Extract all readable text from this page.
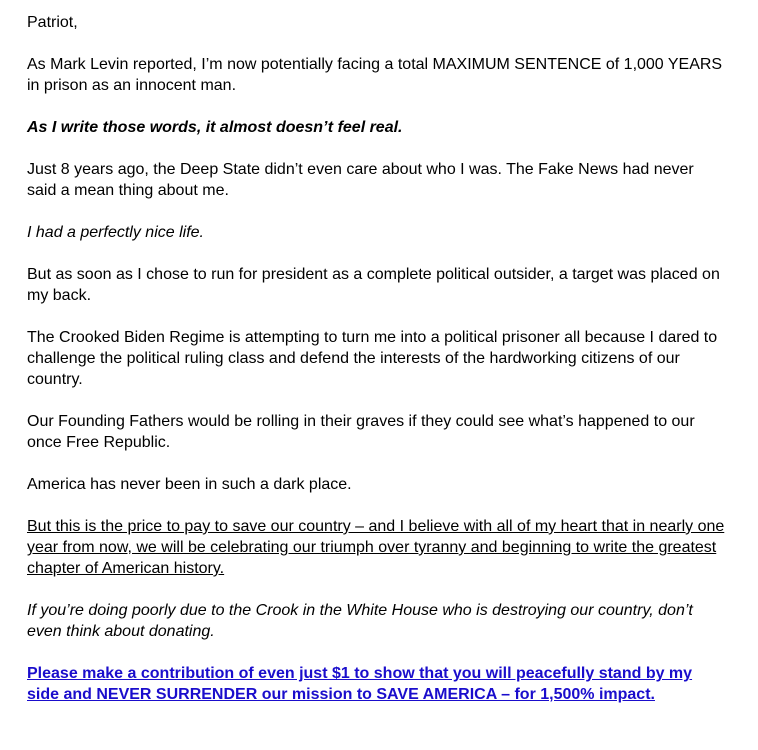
Patriot,

As Mark Levin reported, I’m now potentially facing a total MAXIMUM SENTENCE of 1,000 YEARS in prison as an innocent man.

As I write those words, it almost doesn’t feel real.

Just 8 years ago, the Deep State didn’t even care about who I was. The Fake News had never said a mean thing about me.

I had a perfectly nice life.

But as soon as I chose to run for president as a complete political outsider, a target was placed on my back.

The Crooked Biden Regime is attempting to turn me into a political prisoner all because I dared to challenge the political ruling class and defend the interests of the hardworking citizens of our country.

Our Founding Fathers would be rolling in their graves if they could see what’s happened to our once Free Republic.

America has never been in such a dark place.

But this is the price to pay to save our country – and I believe with all of my heart that in nearly one year from now, we will be celebrating our triumph over tyranny and beginning to write the greatest chapter of American history.

If you’re doing poorly due to the Crook in the White House who is destroying our country, don’t even think about donating.

Please make a contribution of even just $1 to show that you will peacefully stand by my side and NEVER SURRENDER our mission to SAVE AMERICA – for 1,500% impact.
